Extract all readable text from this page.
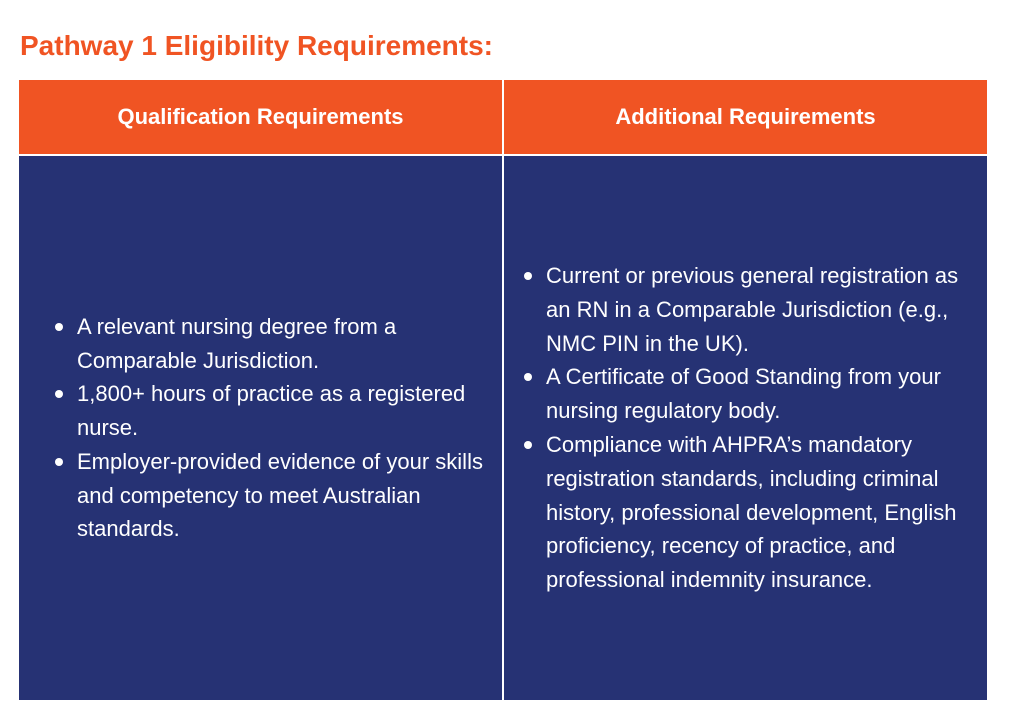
Pathway 1 Eligibility Requirements:
Qualification Requirements	Additional Requirements
A relevant nursing degree from a Comparable Jurisdiction.
1,800+ hours of practice as a registered nurse.
Employer-provided evidence of your skills and competency to meet Australian standards.
Current or previous general registration as an RN in a Comparable Jurisdiction (e.g., NMC PIN in the UK).
A Certificate of Good Standing from your nursing regulatory body.
Compliance with AHPRA’s mandatory registration standards, including criminal history, professional development, English proficiency, recency of practice, and professional indemnity insurance.
